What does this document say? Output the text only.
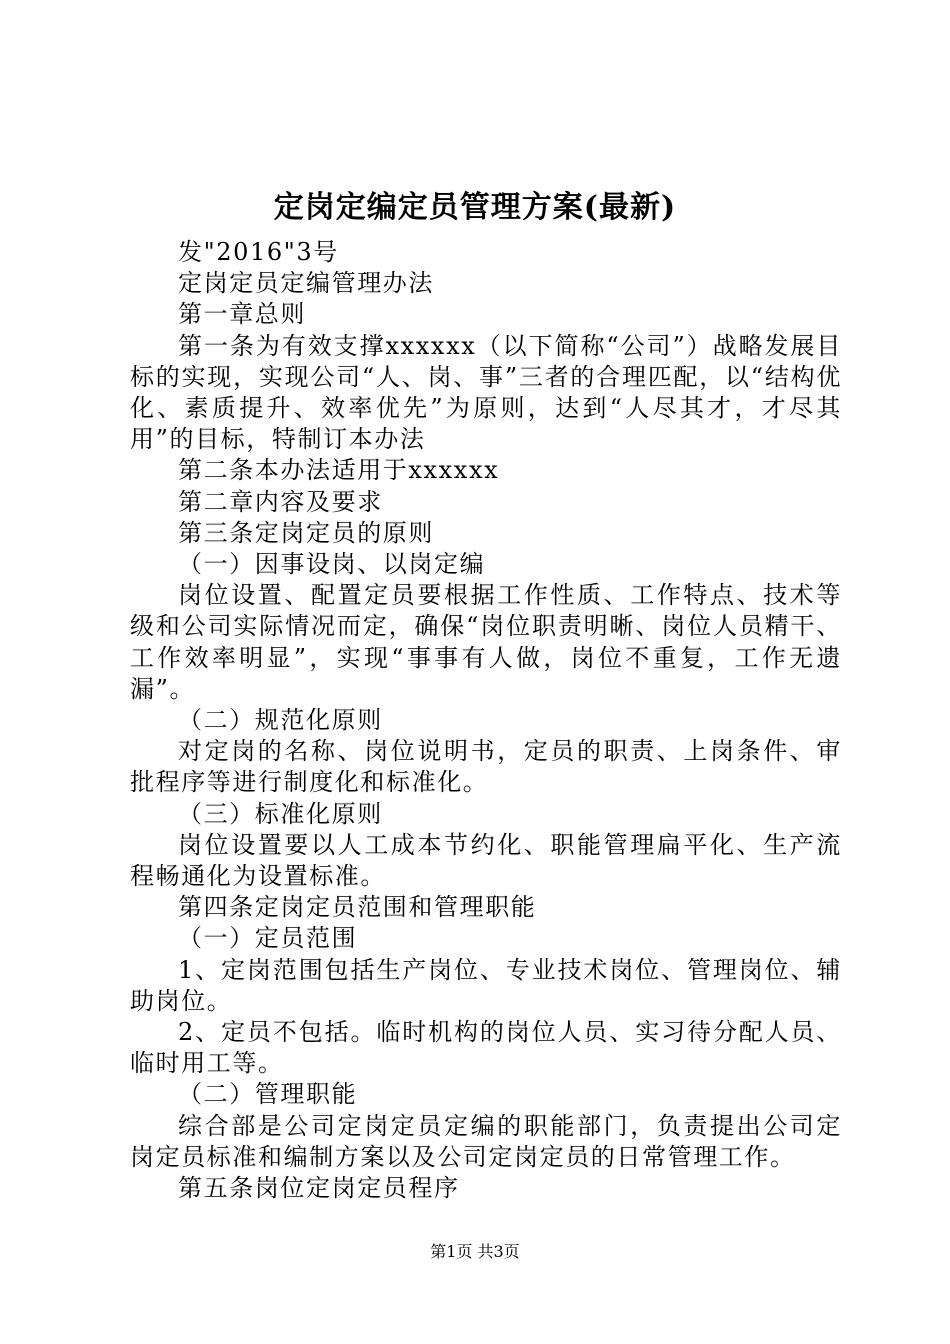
定岗定编定员管理方案(最新)

发"2016"3号

定岗定员定编管理办法

第一章总则

第一条为有效支撑xxxxxx（以下简称“公司”）战略发展目标的实现，实现公司“人、岗、事”三者的合理匹配，以“结构优化、素质提升、效率优先”为原则，达到“人尽其才，才尽其用”的目标，特制订本办法

第二条本办法适用于xxxxxx

第二章内容及要求

第三条定岗定员的原则

（一）因事设岗、以岗定编

岗位设置、配置定员要根据工作性质、工作特点、技术等级和公司实际情况而定，确保“岗位职责明晰、岗位人员精干、工作效率明显”，实现“事事有人做，岗位不重复，工作无遗漏”。

（二）规范化原则

对定岗的名称、岗位说明书，定员的职责、上岗条件、审批程序等进行制度化和标准化。

（三）标准化原则

岗位设置要以人工成本节约化、职能管理扁平化、生产流程畅通化为设置标准。

第四条定岗定员范围和管理职能

（一）定员范围

1、定岗范围包括生产岗位、专业技术岗位、管理岗位、辅助岗位。

2、定员不包括。临时机构的岗位人员、实习待分配人员、临时用工等。

（二）管理职能

综合部是公司定岗定员定编的职能部门，负责提出公司定岗定员标准和编制方案以及公司定岗定员的日常管理工作。

第五条岗位定岗定员程序

第1页 共3页
